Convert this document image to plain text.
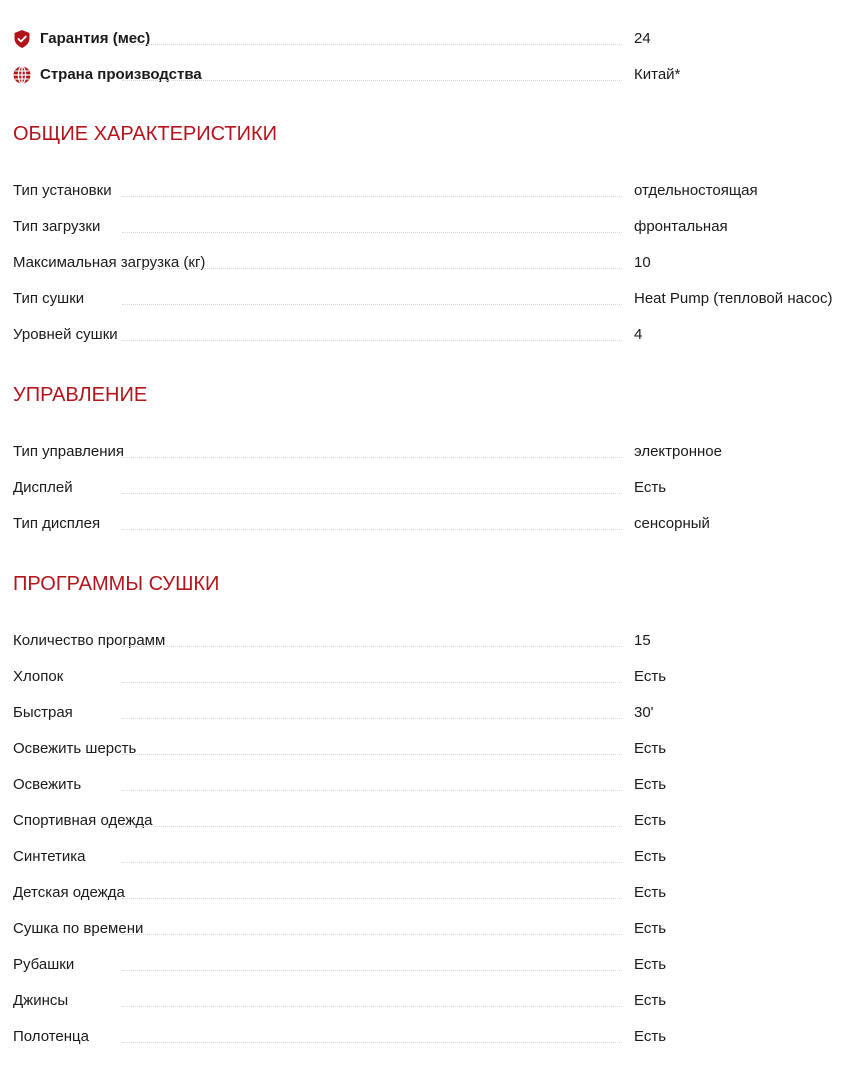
Гарантия (мес)	24
Страна производства	Китай*
ОБЩИЕ ХАРАКТЕРИСТИКИ
Тип установки	отдельностоящая
Тип загрузки	фронтальная
Максимальная загрузка (кг)	10
Тип сушки	Heat Pump (тепловой насос)
Уровней сушки	4
УПРАВЛЕНИЕ
Тип управления	электронное
Дисплей	Есть
Тип дисплея	сенсорный
ПРОГРАММЫ СУШКИ
Количество программ	15
Хлопок	Есть
Быстрая	30'
Освежить шерсть	Есть
Освежить	Есть
Спортивная одежда	Есть
Синтетика	Есть
Детская одежда	Есть
Сушка по времени	Есть
Рубашки	Есть
Джинсы	Есть
Полотенца	Есть
